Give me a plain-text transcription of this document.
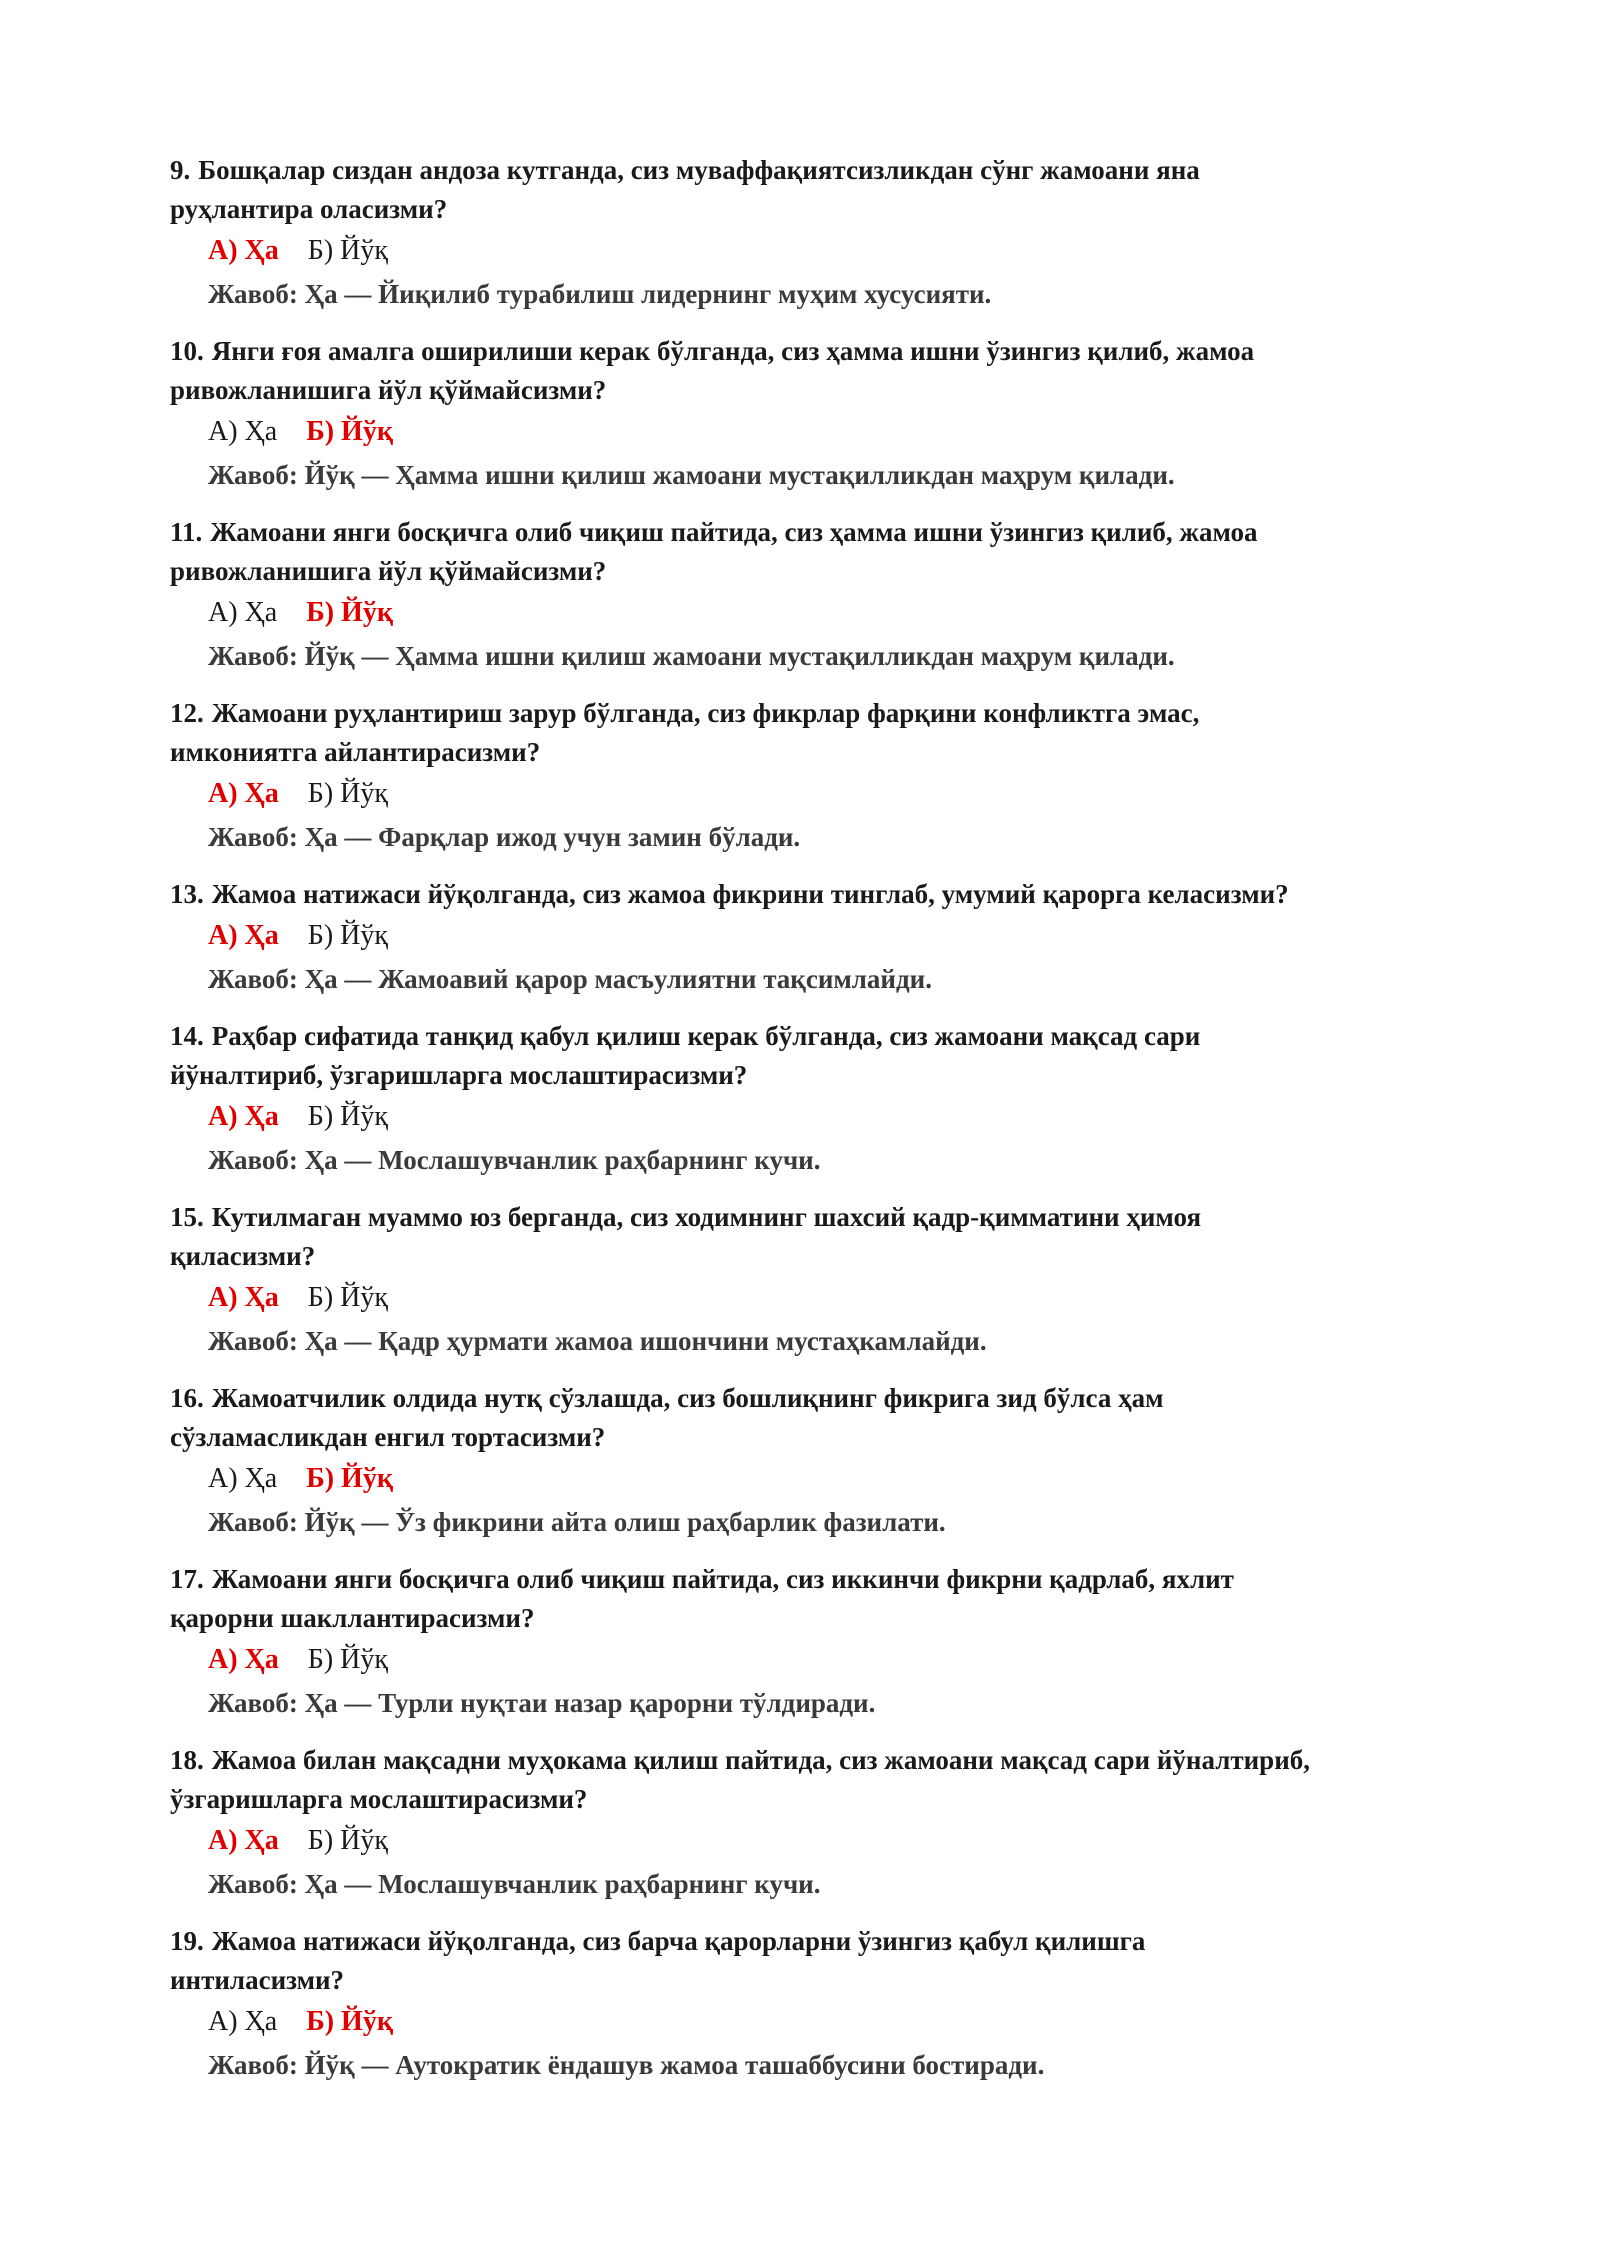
9. Бошқалар сиздан андоза кутганда, сиз муваффақиятсизликдан сўнг жамоани яна
руҳлантира оласизми?

А) Ҳа Б) Йўқ
Жавоб: Ҳа — Йиқилиб турабилиш лидернинг муҳим хусусияти.

10. Янги ғоя амалга оширилиши керак бўлганда, сиз ҳамма ишни ўзингиз қилиб, жамоа
ривожланишига йўл қўймайсизми?

А) Ҳа Б) Йўқ
Жавоб: Йўқ — Ҳамма ишни қилиш жамоани мустақилликдан маҳрум қилади.

11. Жамоани янги босқичга олиб чиқиш пайтида, сиз ҳамма ишни ўзингиз қилиб, жамоа
ривожланишига йўл қўймайсизми?

А) Ҳа Б) Йўқ
Жавоб: Йўқ — Ҳамма ишни қилиш жамоани мустақилликдан маҳрум қилади.

12. Жамоани руҳлантириш зарур бўлганда, сиз фикрлар фарқини конфликтга эмас,
имкониятга айлантирасизми?

А) Ҳа Б) Йўқ
Жавоб: Ҳа — Фарқлар ижод учун замин бўлади.

13. Жамоа натижаси йўқолганда, сиз жамоа фикрини тинглаб, умумий қарорга келасизми?

А) Ҳа Б) Йўқ
Жавоб: Ҳа — Жамоавий қарор масъулиятни тақсимлайди.

14. Раҳбар сифатида танқид қабул қилиш керак бўлганда, сиз жамоани мақсад сари
йўналтириб, ўзгаришларга мослаштирасизми?

А) Ҳа Б) Йўқ
Жавоб: Ҳа — Мослашувчанлик раҳбарнинг кучи.

15. Кутилмаган муаммо юз берганда, сиз ходимнинг шахсий қадр-қимматини ҳимоя
қиласизми?

А) Ҳа Б) Йўқ
Жавоб: Ҳа — Қадр ҳурмати жамоа ишончини мустаҳкамлайди.

16. Жамоатчилик олдида нутқ сўзлашда, сиз бошлиқнинг фикрига зид бўлса ҳам
сўзламасликдан енгил тортасизми?

А) Ҳа Б) Йўқ
Жавоб: Йўқ — Ўз фикрини айта олиш раҳбарлик фазилати.

17. Жамоани янги босқичга олиб чиқиш пайтида, сиз иккинчи фикрни қадрлаб, яхлит
қарорни шакллантирасизми?

А) Ҳа Б) Йўқ
Жавоб: Ҳа — Турли нуқтаи назар қарорни тўлдиради.

18. Жамоа билан мақсадни муҳокама қилиш пайтида, сиз жамоани мақсад сари йўналтириб,
ўзгаришларга мослаштирасизми?

А) Ҳа Б) Йўқ
Жавоб: Ҳа — Мослашувчанлик раҳбарнинг кучи.

19. Жамоа натижаси йўқолганда, сиз барча қарорларни ўзингиз қабул қилишга
интиласизми?

А) Ҳа Б) Йўқ
Жавоб: Йўқ — Аутократик ёндашув жамоа ташаббусини бостиради.
